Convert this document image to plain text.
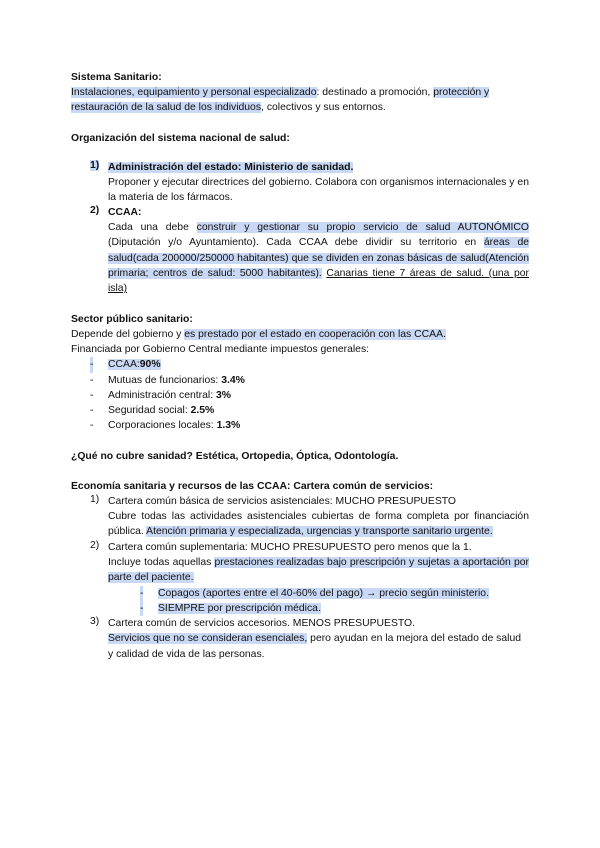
Sistema Sanitario:

Instalaciones, equipamiento y personal especializado: destinado a promoción, protección y
restauración de la salud de los individuos, colectivos y sus entornos.

Organización del sistema nacional de salud:

1) Administración del estado: Ministerio de sanidad.

Proponer y ejecutar directrices del gobierno. Colabora con organismos internacionales y en la materia de los fármacos.

2) CCAA:

Cada una debe construir y gestionar su propio servicio de salud AUTONÓMICO (Diputación y/o Ayuntamiento). Cada CCAA debe dividir su territorio en áreas de salud(cada 200000/250000 habitantes) que se dividen en zonas básicas de salud(Atención primaria; centros de salud: 5000 habitantes). Canarias tiene 7 áreas de salud. (una por isla)

Sector público sanitario:

Depende del gobierno y es prestado por el estado en cooperación con las CCAA.

Financiada por Gobierno Central mediante impuestos generales:

- CCAA:90%
- Mutuas de funcionarios: 3.4%
- Administración central: 3%
- Seguridad social: 2.5%
- Corporaciones locales: 1.3%

¿Qué no cubre sanidad? Estética, Ortopedia, Óptica, Odontología.

Economía sanitaria y recursos de las CCAA: Cartera común de servicios:

1) Cartera común básica de servicios asistenciales: MUCHO PRESUPUESTO

Cubre todas las actividades asistenciales cubiertas de forma completa por financiación pública. Atención primaria y especializada, urgencias y transporte sanitario urgente.

2) Cartera común suplementaria: MUCHO PRESUPUESTO pero menos que la 1.

Incluye todas aquellas prestaciones realizadas bajo prescripción y sujetas a aportación por parte del paciente.

- Copagos (aportes entre el 40-60% del pago) → precio según ministerio.
- SIEMPRE por prescripción médica.
3) Cartera común de servicios accesorios. MENOS PRESUPUESTO.

Servicios que no se consideran esenciales, pero ayudan en la mejora del estado de salud y calidad de vida de las personas.
